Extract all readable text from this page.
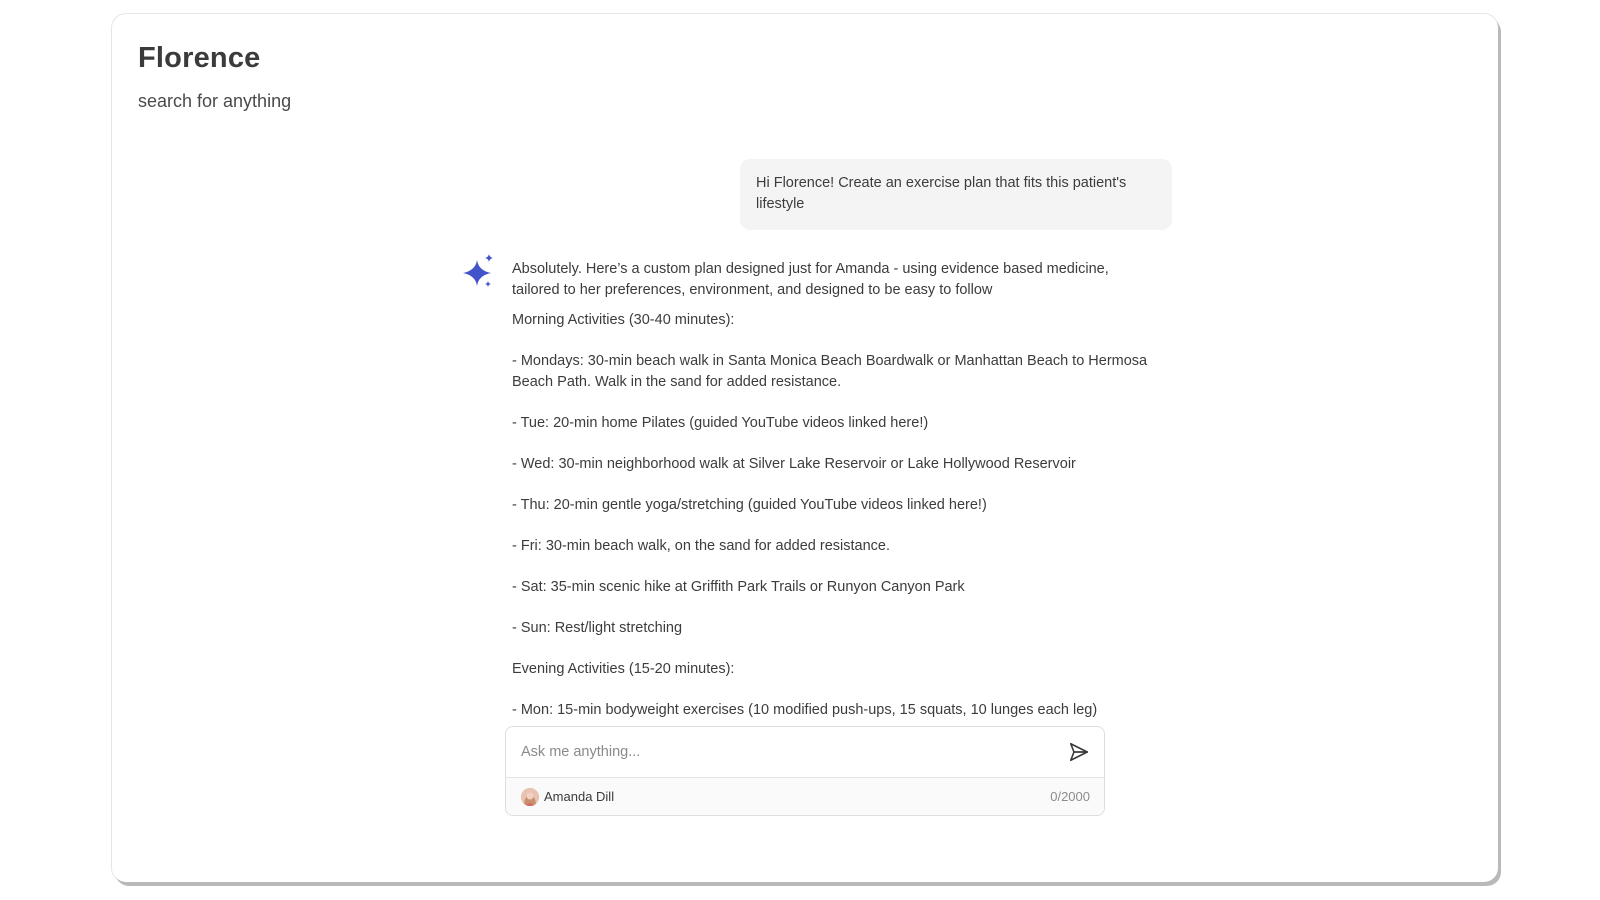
Florence

search for anything

Hi Florence! Create an exercise plan that fits this patient's lifestyle

Absolutely. Here’s a custom plan designed just for Amanda - using evidence based medicine, tailored to her preferences, environment, and designed to be easy to follow

Morning Activities (30-40 minutes):

- Mondays: 30-min beach walk in Santa Monica Beach Boardwalk or Manhattan Beach to Hermosa Beach Path. Walk in the sand for added resistance.
- Tue: 20-min home Pilates (guided YouTube videos linked here!)
- Wed: 30-min neighborhood walk at Silver Lake Reservoir or Lake Hollywood Reservoir
- Thu: 20-min gentle yoga/stretching (guided YouTube videos linked here!)
- Fri: 30-min beach walk, on the sand for added resistance.
- Sat: 35-min scenic hike at Griffith Park Trails or Runyon Canyon Park
- Sun: Rest/light stretching

Evening Activities (15-20 minutes):

- Mon: 15-min bodyweight exercises (10 modified push-ups, 15 squats, 10 lunges each leg)
Ask me anything...
Amanda Dill	0/2000
